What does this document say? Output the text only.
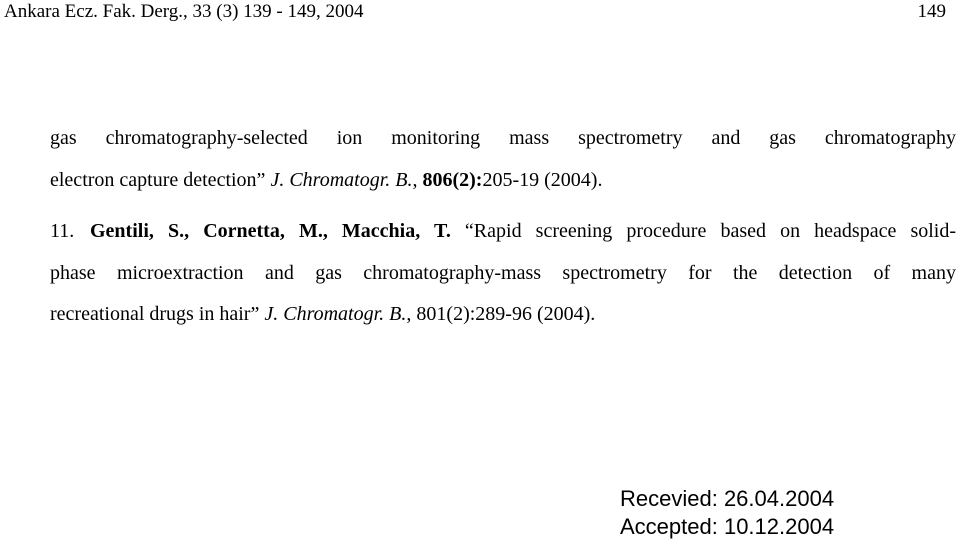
Ankara Ecz. Fak. Derg., 33 (3) 139 - 149, 2004	149
gas chromatography-selected ion monitoring mass spectrometry and gas chromatography
electron capture detection” J. Chromatogr. B., 806(2):205-19 (2004).
11. Gentili, S., Cornetta, M., Macchia, T. “Rapid screening procedure based on headspace solid-
phase microextraction and gas chromatography-mass spectrometry for the detection of many
recreational drugs in hair” J. Chromatogr. B., 801(2):289-96 (2004).
Recevied: 26.04.2004
Accepted: 10.12.2004
